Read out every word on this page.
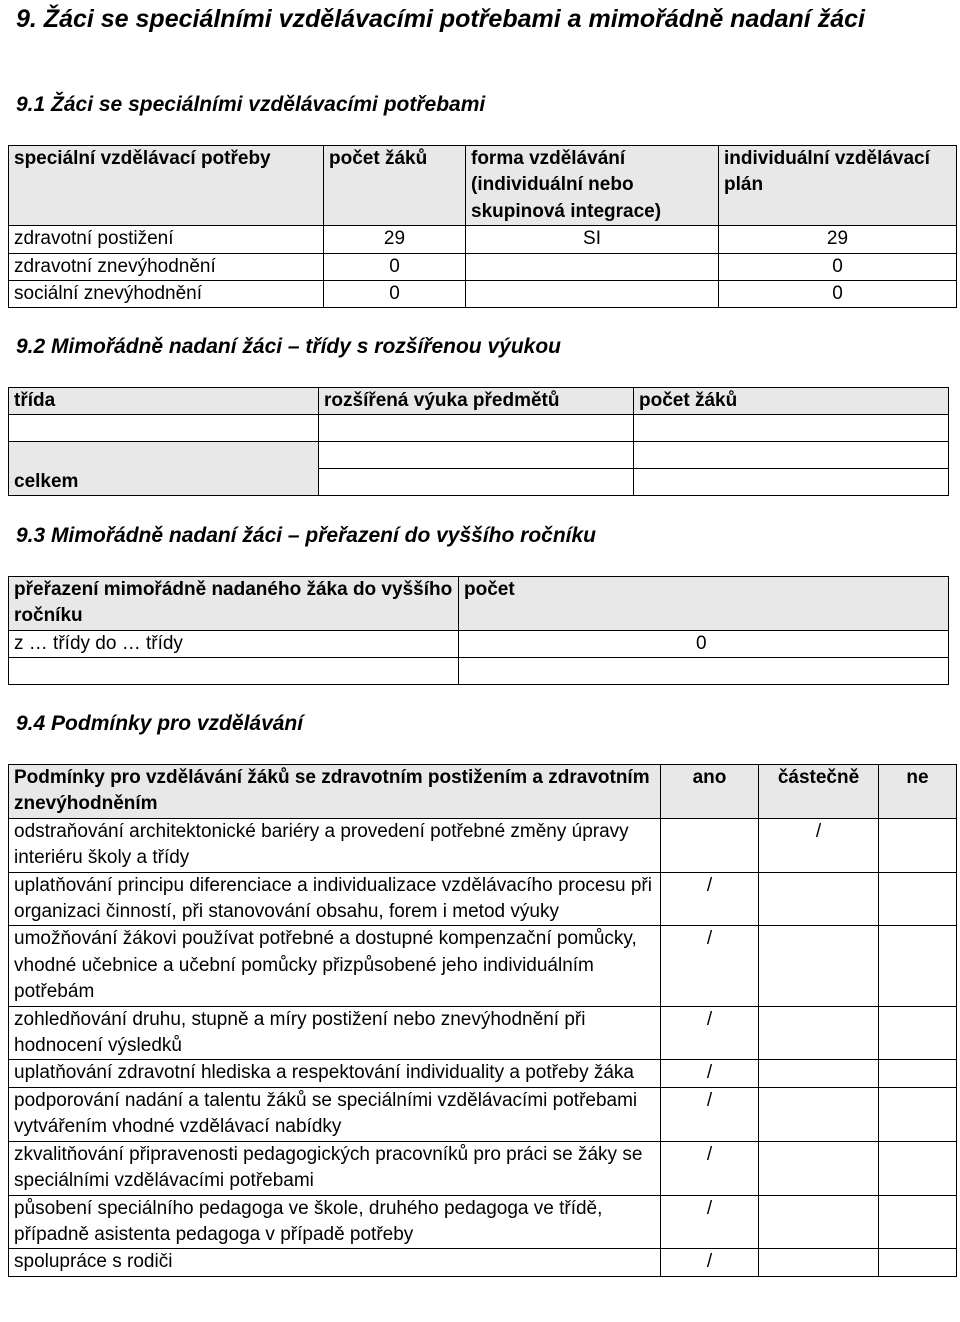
9. Žáci se speciálními vzdělávacími potřebami a mimořádně nadaní žáci
9.1 Žáci se speciálními vzdělávacími potřebami
speciální vzdělávací potřeby	počet žáků	forma vzdělávání (individuální nebo skupinová integrace)	individuální vzdělávací plán
zdravotní postižení	29	SI	29
zdravotní znevýhodnění	0		0
sociální znevýhodnění	0		0
9.2 Mimořádně nadaní žáci – třídy s rozšířenou výukou
třída	rozšířená výuka předmětů	počet žáků

celkem		

9.3 Mimořádně nadaní žáci – přeřazení do vyššího ročníku
přeřazení mimořádně nadaného žáka do vyššího ročníku	počet
z … třídy do … třídy	0

9.4 Podmínky pro vzdělávání
Podmínky pro vzdělávání žáků se zdravotním postižením a zdravotním znevýhodněním	ano	částečně	ne
odstraňování architektonické bariéry a provedení potřebné změny úpravy interiéru školy a třídy		/	
uplatňování principu diferenciace a individualizace vzdělávacího procesu při organizaci činností, při stanovování obsahu, forem i metod výuky	/		
umožňování žákovi používat potřebné a dostupné kompenzační pomůcky, vhodné učebnice a učební pomůcky přizpůsobené jeho individuálním potřebám	/		
zohledňování druhu, stupně a míry postižení nebo znevýhodnění při hodnocení výsledků	/		
uplatňování zdravotní hlediska a respektování individuality a potřeby žáka	/		
podporování nadání a talentu žáků se speciálními vzdělávacími potřebami vytvářením vhodné vzdělávací nabídky	/		
zkvalitňování připravenosti pedagogických pracovníků pro práci se žáky se speciálními vzdělávacími potřebami	/		
působení speciálního pedagoga ve škole, druhého pedagoga ve třídě, případně asistenta pedagoga v případě potřeby	/		
spolupráce s rodiči	/		
